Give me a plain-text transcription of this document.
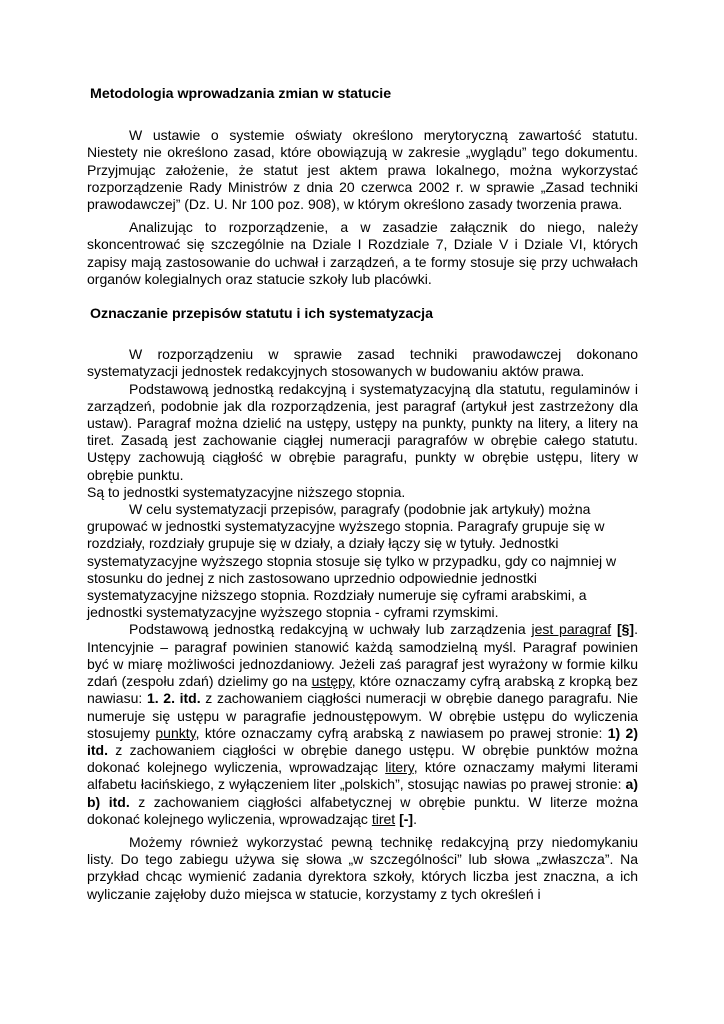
Metodologia wprowadzania zmian w statucie

W ustawie o systemie oświaty określono merytoryczną zawartość statutu. Niestety nie określono zasad, które obowiązują w zakresie „wyglądu” tego dokumentu. Przyjmując założenie, że statut jest aktem prawa lokalnego, można wykorzystać rozporządzenie Rady Ministrów z dnia 20 czerwca 2002 r. w sprawie „Zasad techniki prawodawczej” (Dz. U. Nr 100 poz. 908), w którym określono zasady tworzenia prawa.

Analizując to rozporządzenie, a w zasadzie załącznik do niego, należy skoncentrować się szczególnie na Dziale I Rozdziale 7, Dziale V i Dziale VI, których zapisy mają zastosowanie do uchwał i zarządzeń, a te formy stosuje się przy uchwałach organów kolegialnych oraz statucie szkoły lub placówki.

Oznaczanie przepisów statutu i ich systematyzacja

W rozporządzeniu w sprawie zasad techniki prawodawczej dokonano systematyzacji jednostek redakcyjnych stosowanych w budowaniu aktów prawa.

Podstawową jednostką redakcyjną i systematyzacyjną dla statutu, regulaminów i zarządzeń, podobnie jak dla rozporządzenia, jest paragraf (artykuł jest zastrzeżony dla ustaw). Paragraf można dzielić na ustępy, ustępy na punkty, punkty na litery, a litery na tiret. Zasadą jest zachowanie ciągłej numeracji paragrafów w obrębie całego statutu. Ustępy zachowują ciągłość w obrębie paragrafu, punkty w obrębie ustępu, litery w obrębie punktu.

Są to jednostki systematyzacyjne niższego stopnia.

W celu systematyzacji przepisów, paragrafy (podobnie jak artykuły) można grupować w jednostki systematyzacyjne wyższego stopnia. Paragrafy grupuje się w rozdziały, rozdziały grupuje się w działy, a działy łączy się w tytuły. Jednostki systematyzacyjne wyższego stopnia stosuje się tylko w przypadku, gdy co najmniej w stosunku do jednej z nich zastosowano uprzednio odpowiednie jednostki systematyzacyjne niższego stopnia. Rozdziały numeruje się cyframi arabskimi, a jednostki systematyzacyjne wyższego stopnia - cyframi rzymskimi.

Podstawową jednostką redakcyjną w uchwały lub zarządzenia jest paragraf [§]. Intencyjnie – paragraf powinien stanowić każdą samodzielną myśl. Paragraf powinien być w miarę możliwości jednozdaniowy. Jeżeli zaś paragraf jest wyrażony w formie kilku zdań (zespołu zdań) dzielimy go na ustępy, które oznaczamy cyfrą arabską z kropką bez nawiasu: 1. 2. itd. z zachowaniem ciągłości numeracji w obrębie danego paragrafu. Nie numeruje się ustępu w paragrafie jednoustępowym. W obrębie ustępu do wyliczenia stosujemy punkty, które oznaczamy cyfrą arabską z nawiasem po prawej stronie: 1) 2) itd. z zachowaniem ciągłości w obrębie danego ustępu. W obrębie punktów można dokonać kolejnego wyliczenia, wprowadzając litery, które oznaczamy małymi literami alfabetu łacińskiego, z wyłączeniem liter „polskich”, stosując nawias po prawej stronie: a) b) itd. z zachowaniem ciągłości alfabetycznej w obrębie punktu. W literze można dokonać kolejnego wyliczenia, wprowadzając tiret [-].

Możemy również wykorzystać pewną technikę redakcyjną przy niedomykaniu listy. Do tego zabiegu używa się słowa „w szczególności” lub słowa „zwłaszcza”. Na przykład chcąc wymienić zadania dyrektora szkoły, których liczba jest znaczna, a ich wyliczanie zajęłoby dużo miejsca w statucie, korzystamy z tych określeń i
